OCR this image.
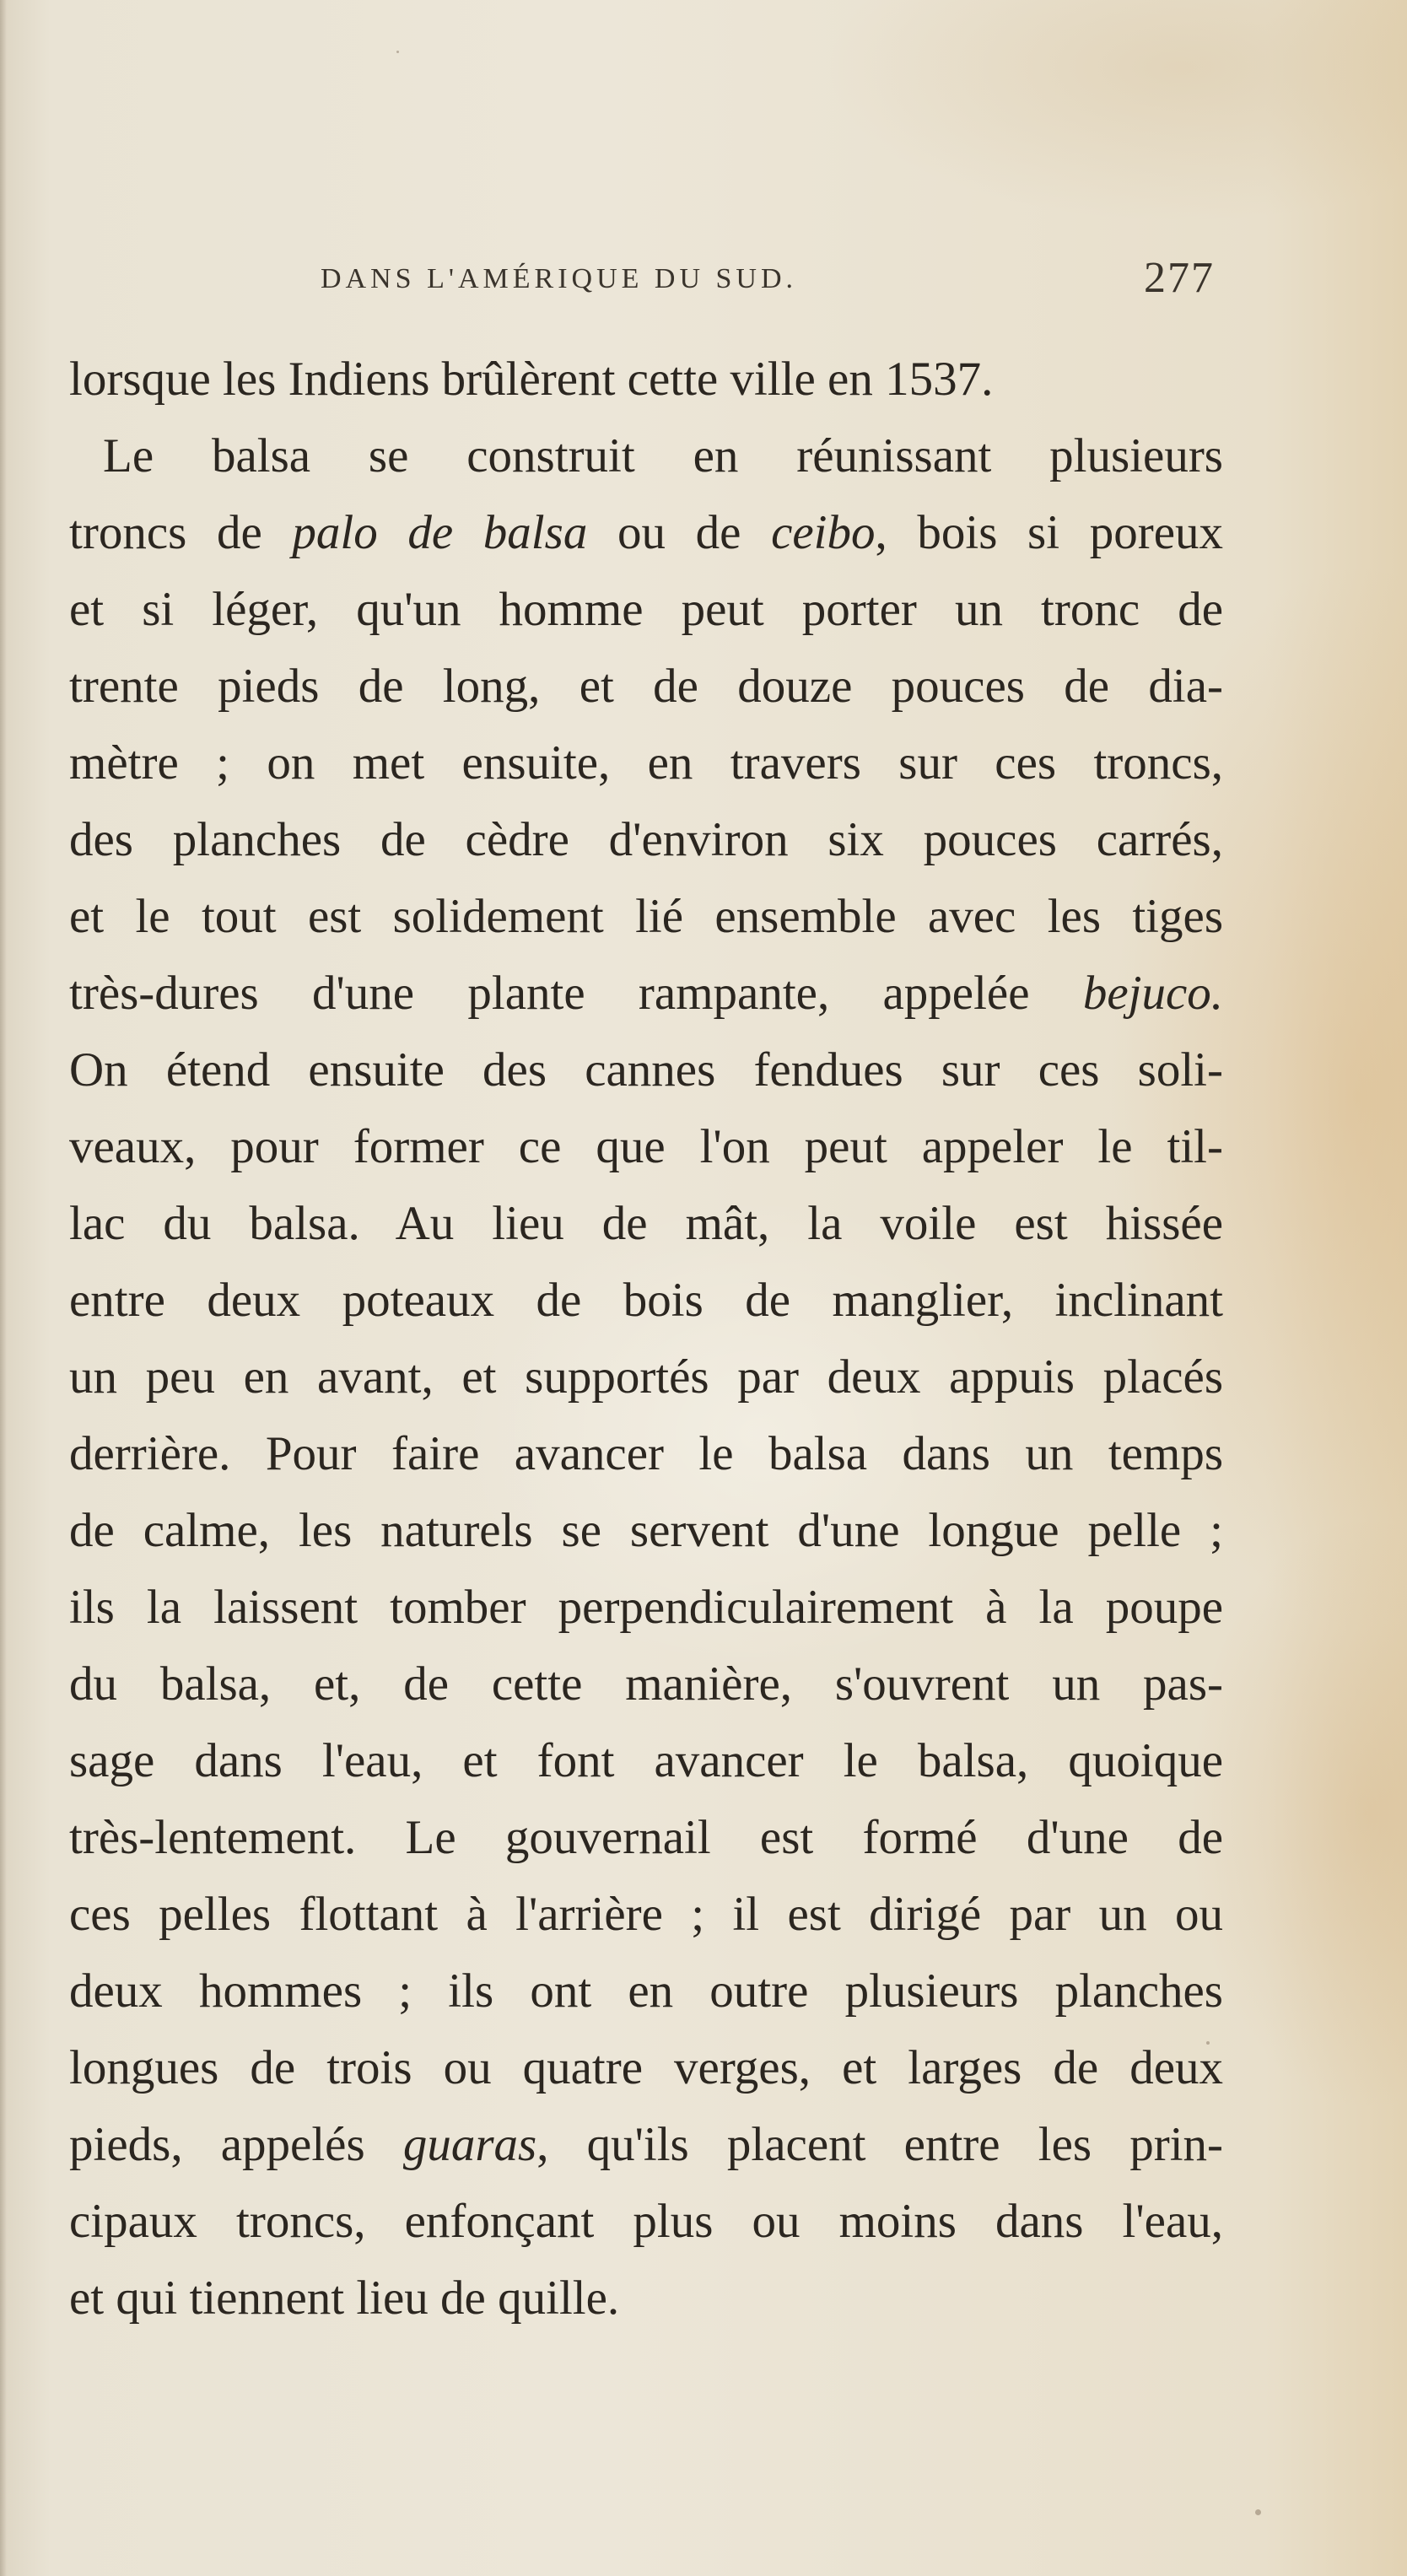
DANS L'AMÉRIQUE DU SUD.	277
lorsque les Indiens brûlèrent cette ville en 1537.
Le balsa se construit en réunissant plusieurs
troncs de palo de balsa ou de ceibo, bois si poreux
et si léger, qu'un homme peut porter un tronc de
trente pieds de long, et de douze pouces de dia-
mètre ; on met ensuite, en travers sur ces troncs,
des planches de cèdre d'environ six pouces carrés,
et le tout est solidement lié ensemble avec les tiges
très-dures d'une plante rampante, appelée bejuco.
On étend ensuite des cannes fendues sur ces soli-
veaux, pour former ce que l'on peut appeler le til-
lac du balsa. Au lieu de mât, la voile est hissée
entre deux poteaux de bois de manglier, inclinant
un peu en avant, et supportés par deux appuis placés
derrière. Pour faire avancer le balsa dans un temps
de calme, les naturels se servent d'une longue pelle ;
ils la laissent tomber perpendiculairement à la poupe
du balsa, et, de cette manière, s'ouvrent un pas-
sage dans l'eau, et font avancer le balsa, quoique
très-lentement. Le gouvernail est formé d'une de
ces pelles flottant à l'arrière ; il est dirigé par un ou
deux hommes ; ils ont en outre plusieurs planches
longues de trois ou quatre verges, et larges de deux
pieds, appelés guaras, qu'ils placent entre les prin-
cipaux troncs, enfonçant plus ou moins dans l'eau,
et qui tiennent lieu de quille.
